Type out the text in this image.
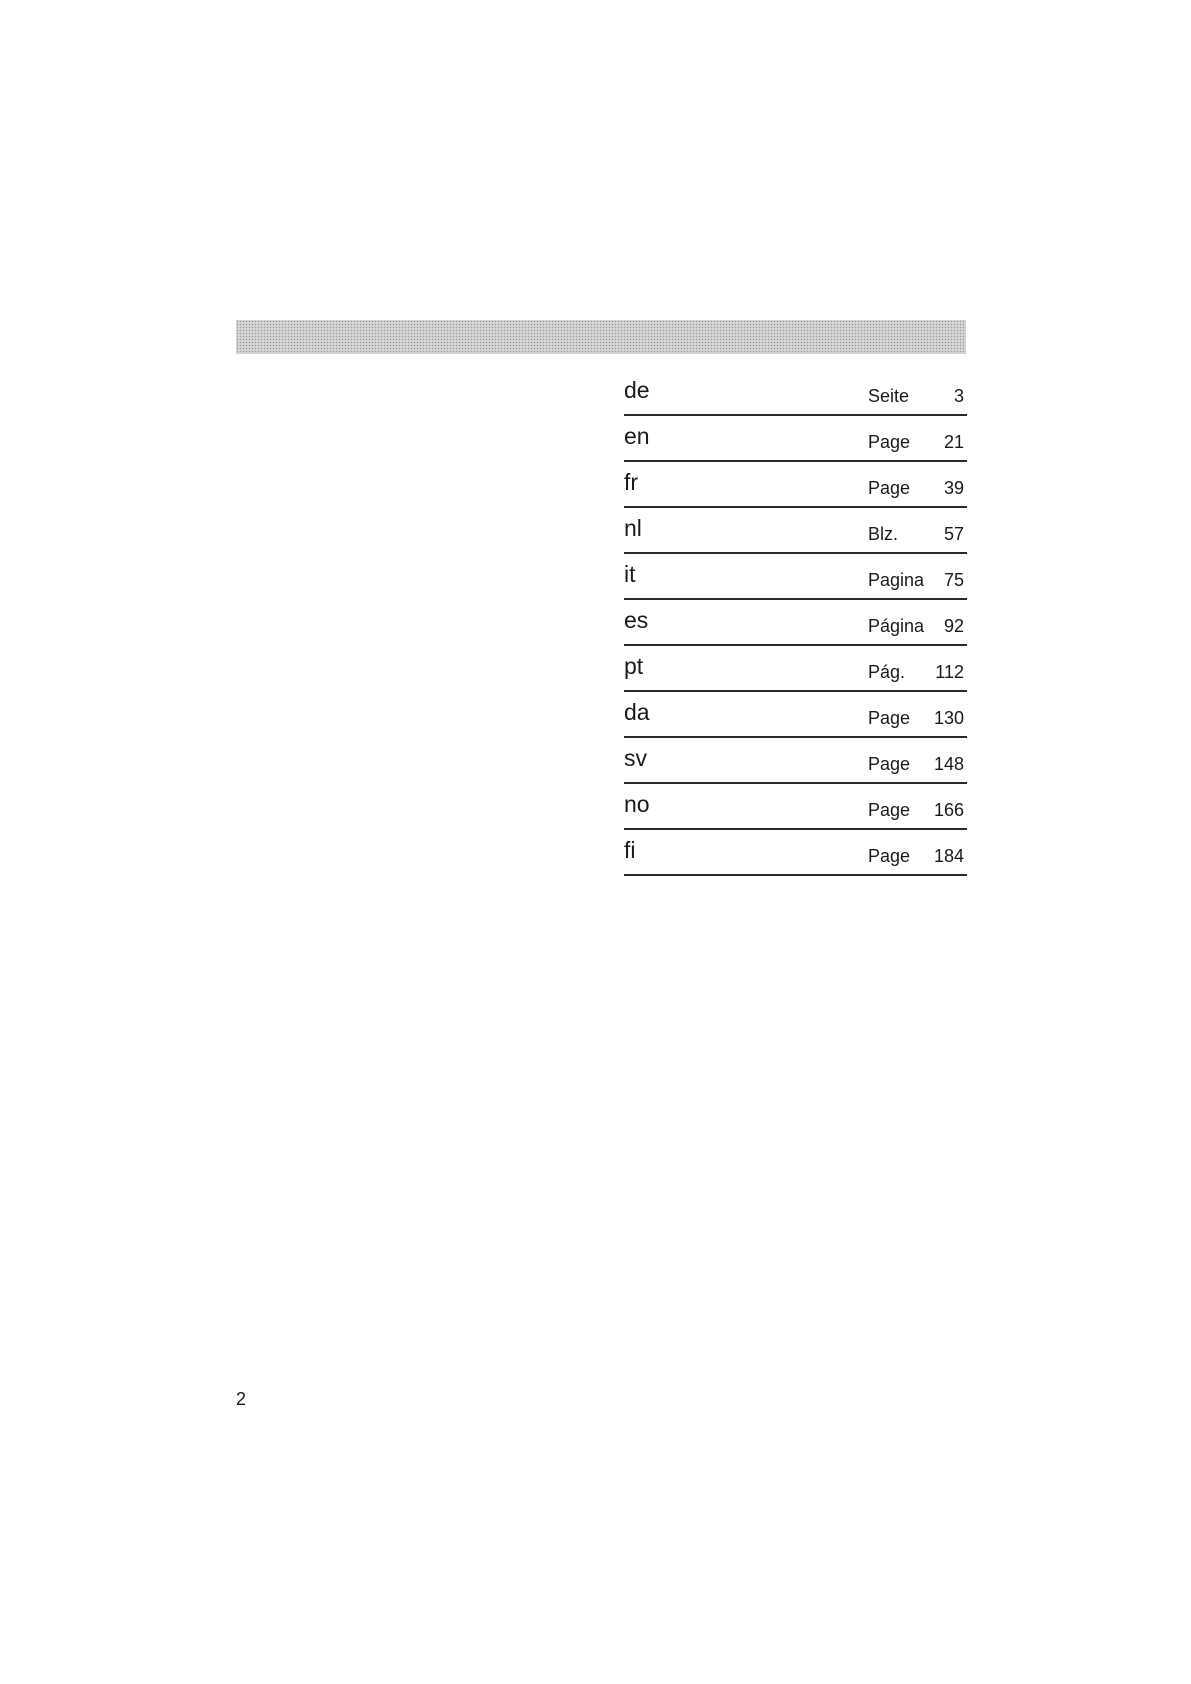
de	Seite 3
en	Page 21
fr	Page 39
nl	Blz.	57
it	Pagina 75
es	Página 92
pt	Pág. 112
da	Page 130
sv	Page 148
no	Page 166
fi	Page 184
2
